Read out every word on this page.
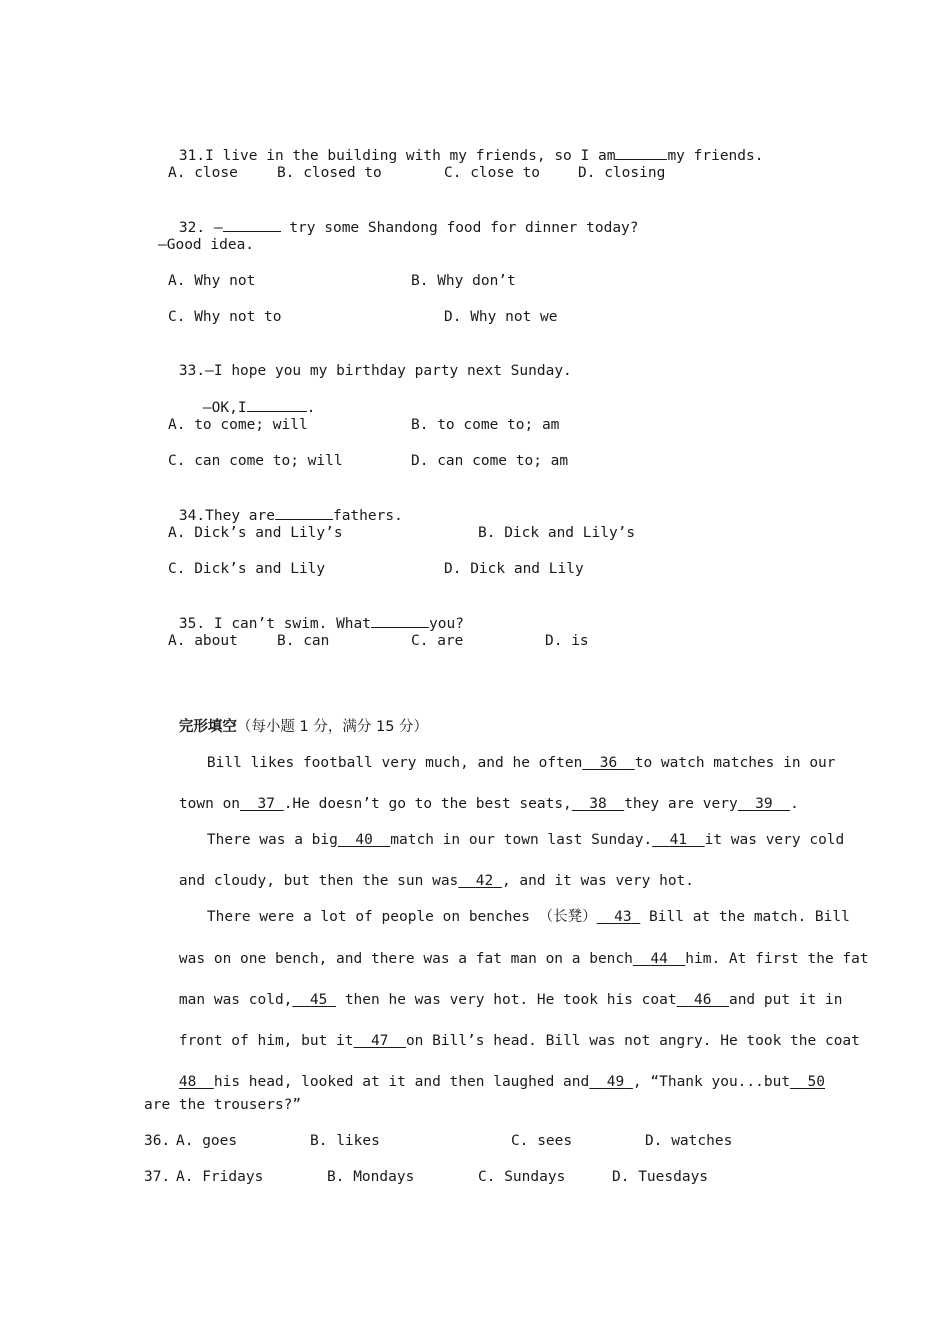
31.I live in the building with my friends, so I am	my friends.

A. close	B. closed to	C. close to	D. closing

32. —	try some Shandong food for dinner today?

—Good idea.
A. Why not	B. Why don’t
C. Why not to	D. Why not we

33.—I hope you my birthday party next Sunday.

—OK,I	.

A. to come; will	B. to come to; am
C. can come to; will	D. can come to; am

34.They are	fathers.

A. Dick’s and Lily’s	B. Dick and Lily’s
C. Dick’s and Lily	D. Dick and Lily

35. I can’t swim. What	you?

A. about	B. can	C. are	D. is

完形填空（每小题 1 分，满分 15 分）

Bill likes football very much, and he often 36 to watch matches in our

town on 37 .He doesn’t go to the best seats, 38 they are very 39 .

There was a big 40 match in our town last Sunday. 41 it was very cold

and cloudy, but then the sun was 42 , and it was very hot.

There were a lot of people on benches （长凳） 43  Bill at the match. Bill

was on one bench, and there was a fat man on a bench 44 him. At first the fat

man was cold, 45  then he was very hot. He took his coat 46 and put it in

front of him, but it 47 on Bill’s head. Bill was not angry. He took the coat

48 his head, looked at it and then laughed and 49 , “Thank you...but 50

are the trousers?”
36. A. goes	B. likes	C. sees	D. watches
37. A. Fridays	B. Mondays	C. Sundays	D. Tuesdays
